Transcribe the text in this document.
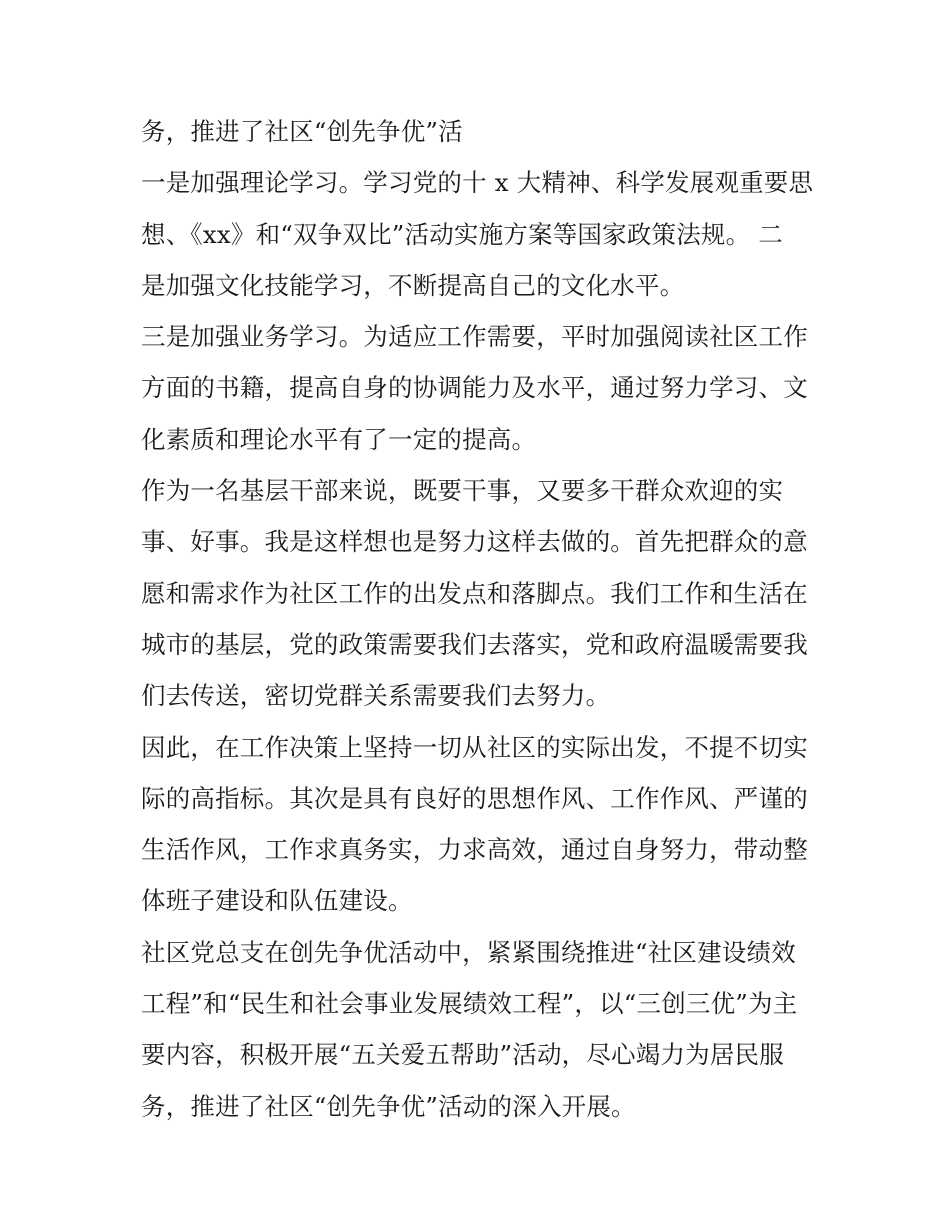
务，推进了社区“创先争优”活
一是加强理论学习。学习党的十 x 大精神、科学发展观重要思
想、《xx》和“双争双比”活动实施方案等国家政策法规。 二
是加强文化技能学习，不断提高自己的文化水平。
三是加强业务学习。为适应工作需要，平时加强阅读社区工作
方面的书籍，提高自身的协调能力及水平，通过努力学习、文
化素质和理论水平有了一定的提高。
作为一名基层干部来说，既要干事，又要多干群众欢迎的实
事、好事。我是这样想也是努力这样去做的。首先把群众的意
愿和需求作为社区工作的出发点和落脚点。我们工作和生活在
城市的基层，党的政策需要我们去落实，党和政府温暖需要我
们去传送，密切党群关系需要我们去努力。
因此，在工作决策上坚持一切从社区的实际出发，不提不切实
际的高指标。其次是具有良好的思想作风、工作作风、严谨的
生活作风，工作求真务实，力求高效，通过自身努力，带动整
体班子建设和队伍建设。
社区党总支在创先争优活动中，紧紧围绕推进“社区建设绩效
工程”和“民生和社会事业发展绩效工程”，以“三创三优”为主
要内容，积极开展“五关爱五帮助”活动，尽心竭力为居民服
务，推进了社区“创先争优”活动的深入开展。
